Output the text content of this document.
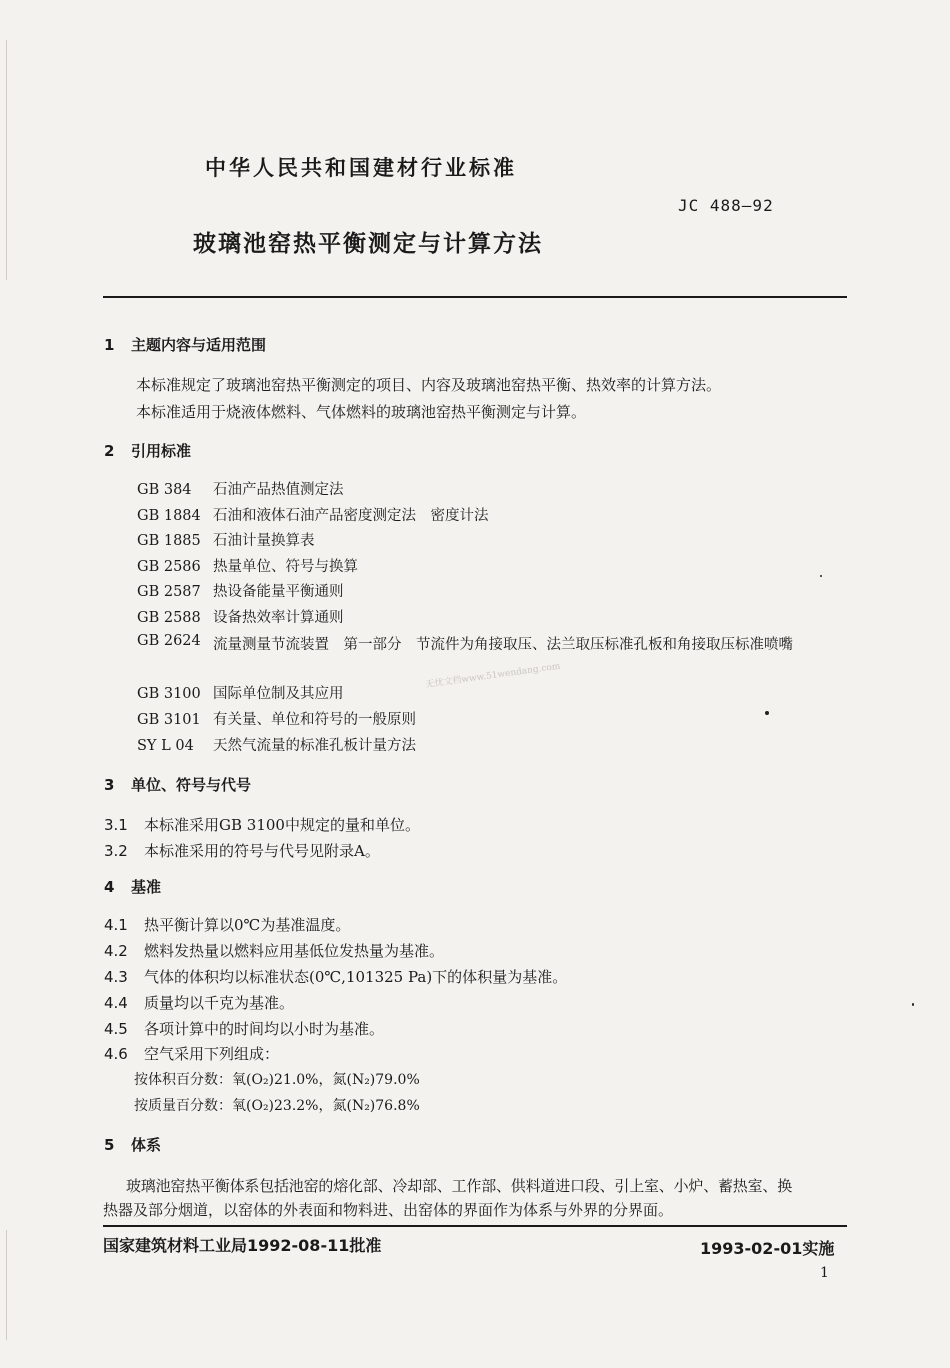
中华人民共和国建材行业标准
JC 488—92
玻璃池窑热平衡测定与计算方法
1 主题内容与适用范围
本标准规定了玻璃池窑热平衡测定的项目、内容及玻璃池窑热平衡、热效率的计算方法。
本标准适用于烧液体燃料、气体燃料的玻璃池窑热平衡测定与计算。
2 引用标准
GB 384 石油产品热值测定法
GB 1884 石油和液体石油产品密度测定法　密度计法
GB 1885 石油计量换算表
GB 2586 热量单位、符号与换算
GB 2587 热设备能量平衡通则
GB 2588 设备热效率计算通则
GB 2624 流量测量节流装置　第一部分　节流件为角接取压、法兰取压标准孔板和角接取压标准喷嘴
GB 3100 国际单位制及其应用
GB 3101 有关量、单位和符号的一般原则
SY L 04 天然气流量的标准孔板计量方法
无忧文档www.51wendang.com
3 单位、符号与代号
3.1 本标准采用GB 3100中规定的量和单位。
3.2 本标准采用的符号与代号见附录A。
4 基准
4.1 热平衡计算以0℃为基准温度。
4.2 燃料发热量以燃料应用基低位发热量为基准。
4.3 气体的体积均以标准状态(0℃,101325 Pa)下的体积量为基准。
4.4 质量均以千克为基准。
4.5 各项计算中的时间均以小时为基准。
4.6 空气采用下列组成：
按体积百分数：氧(O₂)21.0%，氮(N₂)79.0%
按质量百分数：氧(O₂)23.2%，氮(N₂)76.8%
5 体系
玻璃池窑热平衡体系包括池窑的熔化部、冷却部、工作部、供料道进口段、引上室、小炉、蓄热室、换
热器及部分烟道，以窑体的外表面和物料进、出窑体的界面作为体系与外界的分界面。
国家建筑材料工业局1992-08-11批准	1993-02-01实施
1
